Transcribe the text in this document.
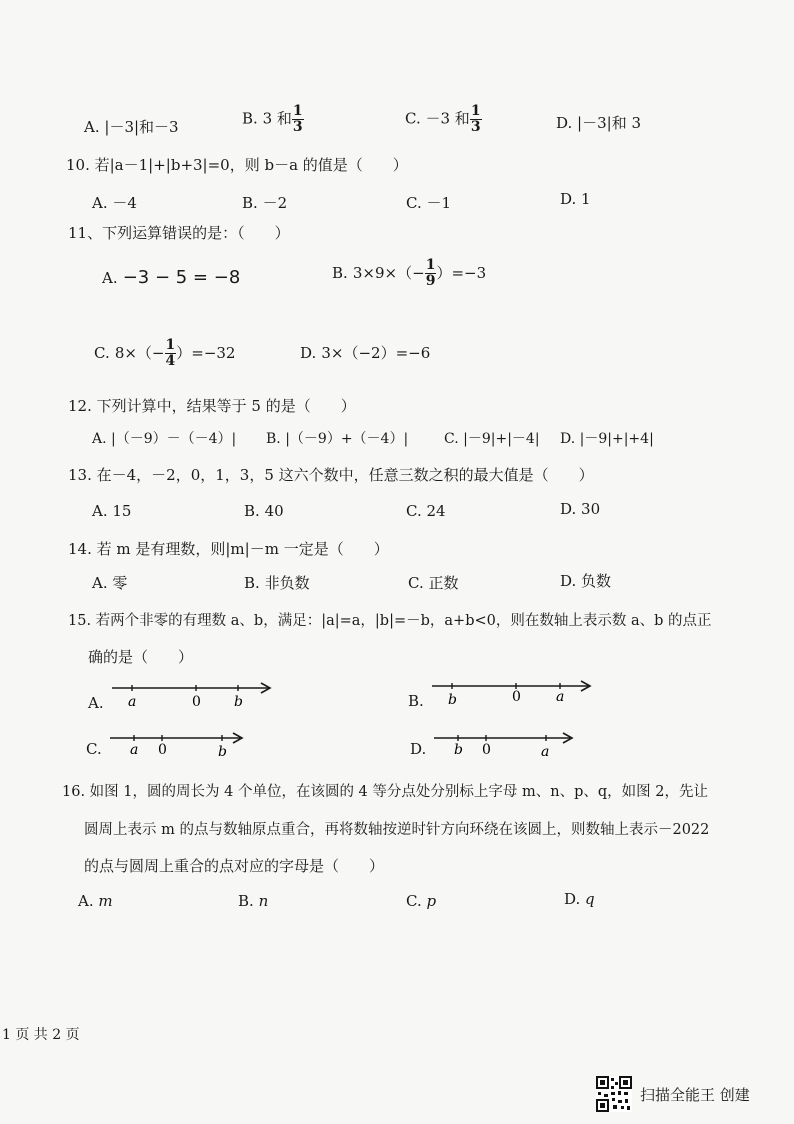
A. |－3|和－3	B. 3 和 $\frac{1}{3}$	C. －3 和 $\frac{1}{3}$	D. |－3|和 3
10. 若|a－1|+|b+3|=0，则 b－a 的值是（　　）
A. －4	B. －2	C. －1	D. 1
11、下列运算错误的是：（　　）
A. −3 − 5 = −8	B. $3\times 9\times(- \frac{1}{9} )=-3$
C. $8\times(- \frac{1}{4} )=-32$	D. 3×（−2）=−6
12. 下列计算中，结果等于 5 的是（　　）
A. |（－9）－（－4）| B. |（－9）+（－4）|	C. |－9|+|－4| D. |－9|+|+4|
13. 在－4，－2，0，1，3，5 这六个数中，任意三数之积的最大值是（　　）
A. 15	B. 40	C. 24	D. 30
14. 若 m 是有理数，则|m|－m 一定是（　　）
A. 零	B. 非负数	C. 正数	D. 负数
15. 若两个非零的有理数 a、b，满足：|a|=a，|b|=－b，a+b<0，则在数轴上表示数 a、b 的点正
确的是（　　）
A. a	0 b	B. b	0	a
C. a 0	b	D. b 0	a
16. 如图 1，圆的周长为 4 个单位，在该圆的 4 等分点处分别标上字母 m、n、p、q，如图 2，先让
圆周上表示 m 的点与数轴原点重合，再将数轴按逆时针方向环绕在该圆上，则数轴上表示－2022
的点与圆周上重合的点对应的字母是（　　）
A. m	B. n	C. p	D. q
1 页 共 2 页
扫描全能王 创建
